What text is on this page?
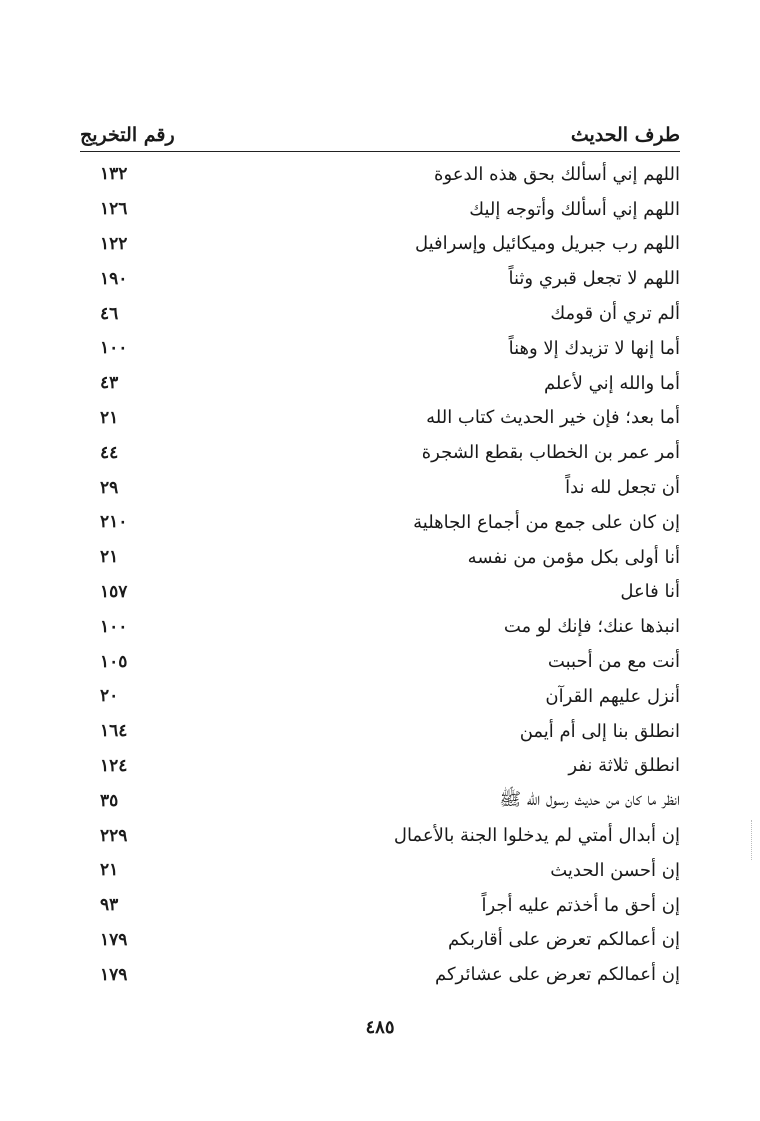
طرف الحديث
رقم التخريج
اللهم إني أسألك بحق هذه الدعوة
١٣٢
اللهم إني أسألك وأتوجه إليك
١٢٦
اللهم رب جبريل وميكائيل وإسرافيل
١٢٢
اللهم لا تجعل قبري وثناً
١٩٠
ألم تري أن قومك
٤٦
أما إنها لا تزيدك إلا وهناً
١٠٠
أما والله إني لأعلم
٤٣
أما بعد؛ فإن خير الحديث كتاب الله
٢١
أمر عمر بن الخطاب بقطع الشجرة
٤٤
أن تجعل لله نداً
٢٩
إن كان على جمع من أجماع الجاهلية
٢١٠
أنا أولى بكل مؤمن من نفسه
٢١
أنا فاعل
١٥٧
انبذها عنك؛ فإنك لو مت
١٠٠
أنت مع من أحببت
١٠٥
أنزل عليهم القرآن
٢٠
انطلق بنا إلى أم أيمن
١٦٤
انطلق ثلاثة نفر
١٢٤
انظر ما كان من حديث رسول الله ﷺ
٣٥
إن أبدال أمتي لم يدخلوا الجنة بالأعمال
٢٢٩
إن أحسن الحديث
٢١
إن أحق ما أخذتم عليه أجراً
٩٣
إن أعمالكم تعرض على أقاربكم
١٧٩
إن أعمالكم تعرض على عشائركم
١٧٩
٤٨٥
